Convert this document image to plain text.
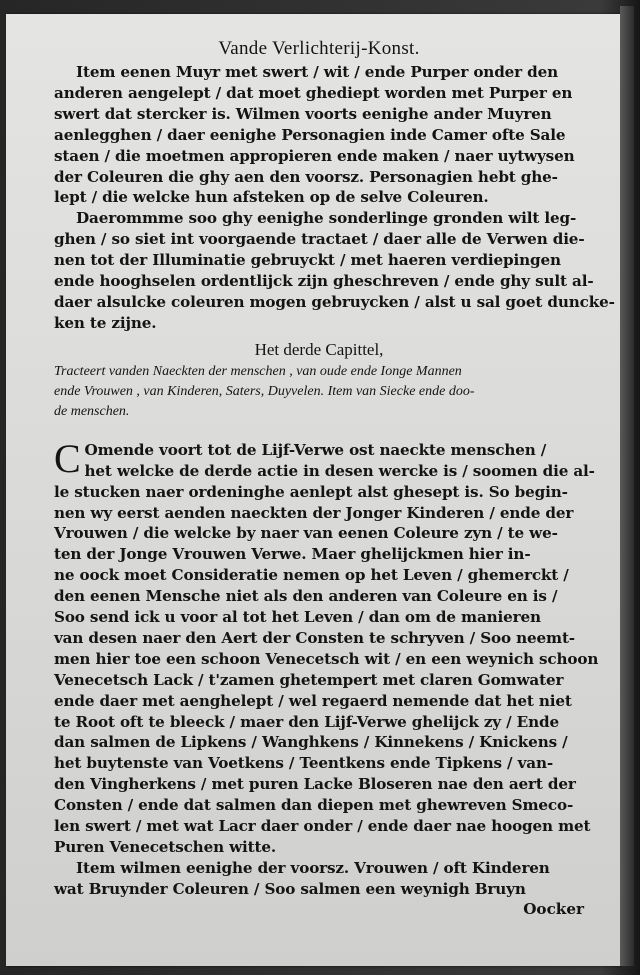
Vande Verlichterij-Konst.

Item eenen Muyr met swert / wit / ende Purper onder den
anderen aengelept / dat moet ghediept worden met Purper en
swert dat stercker is. Wilmen voorts eenighe ander Muyren
aenlegghen / daer eenighe Personagien inde Camer ofte Sale
staen / die moetmen appropieren ende maken / naer uytwysen
der Coleuren die ghy aen den voorsz. Personagien hebt ghe-
lept / die welcke hun afsteken op de selve Coleuren.

Daerommme soo ghy eenighe sonderlinge gronden wilt leg-
ghen / so siet int voorgaende tractaet / daer alle de Verwen die-
nen tot der Illuminatie gebruyckt / met haeren verdiepingen
ende hooghselen ordentlijck zijn gheschreven / ende ghy sult al-
daer alsulcke coleuren mogen gebruycken / alst u sal goet duncke-
ken te zijne.

Het derde Capittel,

Tracteert vanden Naeckten der menschen , van oude ende Ionge Mannen
ende Vrouwen , van Kinderen, Saters, Duyvelen. Item van Siecke ende doo-
de menschen.

C Omende voort tot de Lijf-Verwe ost naeckte menschen /
het welcke de derde actie in desen wercke is / soomen die al-
le stucken naer ordeninghe aenlept alst ghesept is. So begin-
nen wy eerst aenden naeckten der Jonger Kinderen / ende der
Vrouwen / die welcke by naer van eenen Coleure zyn / te we-
ten der Jonge Vrouwen Verwe. Maer ghelijckmen hier in-
ne oock moet Consideratie nemen op het Leven / ghemerckt /
den eenen Mensche niet als den anderen van Coleure en is /
Soo send ick u voor al tot het Leven / dan om de manieren
van desen naer den Aert der Consten te schryven / Soo neemt-
men hier toe een schoon Venecetsch wit / en een weynich schoon
Venecetsch Lack / t'zamen ghetempert met claren Gomwater
ende daer met aenghelept / wel regaerd nemende dat het niet
te Root oft te bleeck / maer den Lijf-Verwe ghelijck zy / Ende
dan salmen de Lipkens / Wanghkens / Kinnekens / Knickens /
het buytenste van Voetkens / Teentkens ende Tipkens / van-
den Vingherkens / met puren Lacke Bloseren nae den aert der
Consten / ende dat salmen dan diepen met ghewreven Smeco-
len swert / met wat Lacr daer onder / ende daer nae hoogen met
Puren Venecetschen witte.

Item wilmen eenighe der voorsz. Vrouwen / oft Kinderen
wat Bruynder Coleuren / Soo salmen een weynigh Bruyn

Oocker
